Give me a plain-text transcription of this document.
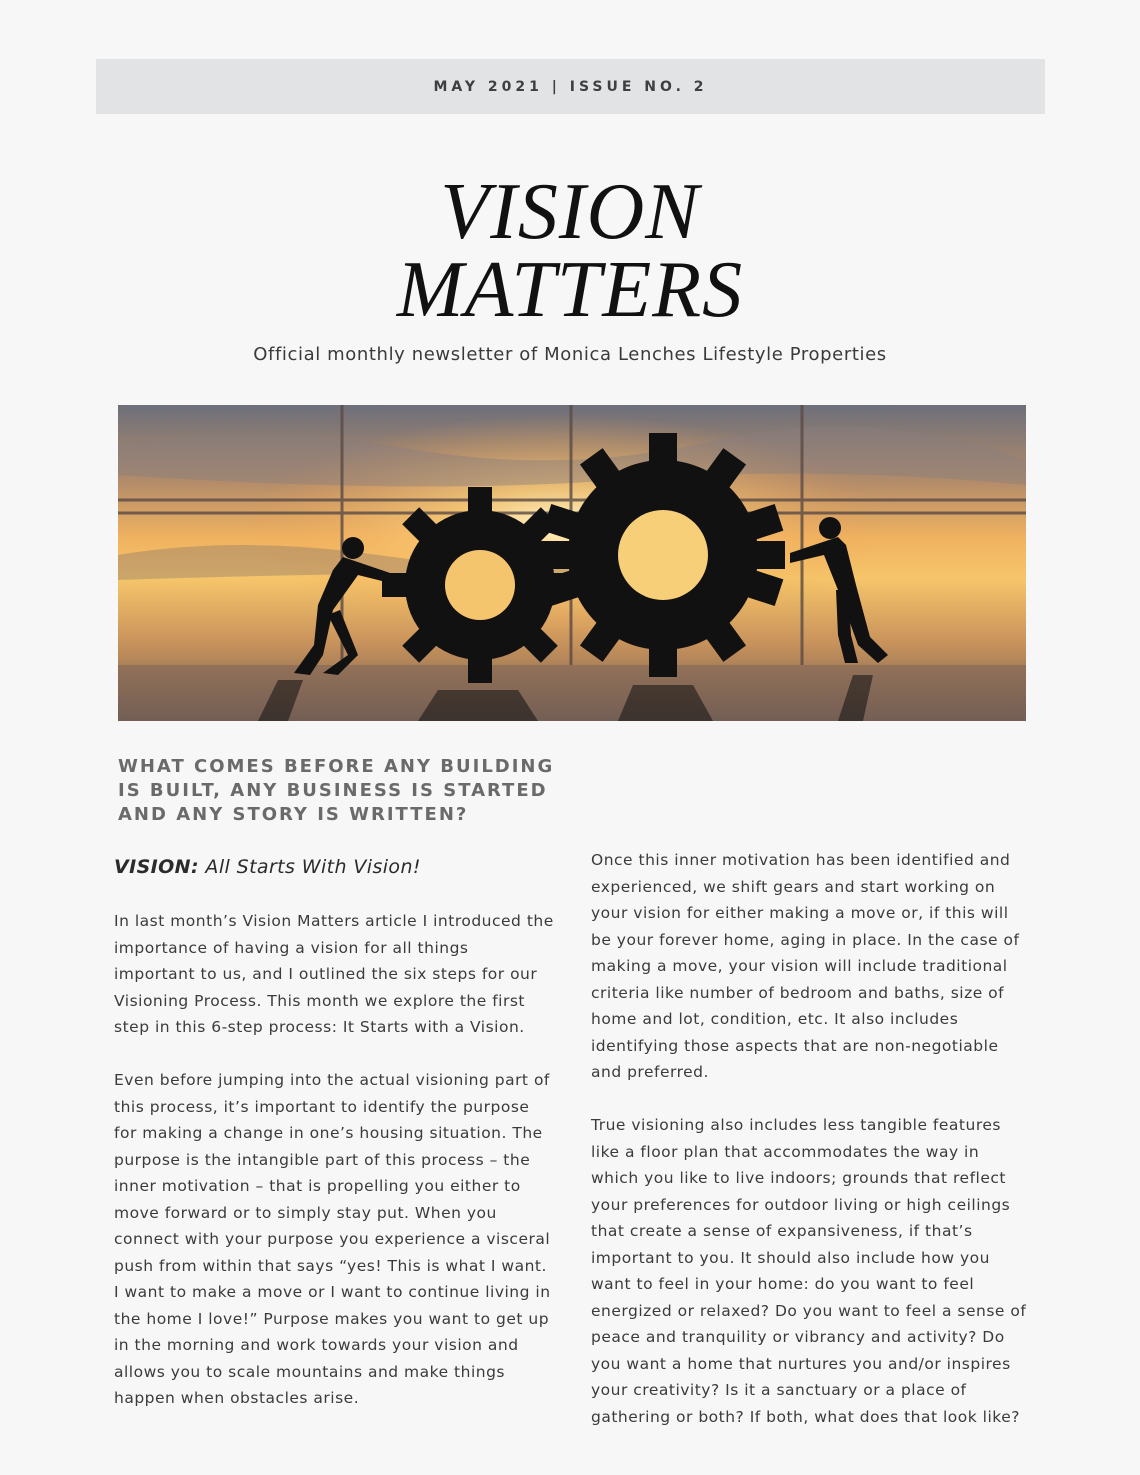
MAY 2021 | ISSUE NO. 2
VISION
MATTERS
Official monthly newsletter of Monica Lenches Lifestyle Properties
WHAT COMES BEFORE ANY BUILDING IS BUILT, ANY BUSINESS IS STARTED AND ANY STORY IS WRITTEN?
VISION: All Starts With Vision!

In last month’s Vision Matters article I introduced the importance of having a vision for all things important to us, and I outlined the six steps for our Visioning Process. This month we explore the first step in this 6-step process: It Starts with a Vision.

Even before jumping into the actual visioning part of this process, it’s important to identify the purpose for making a change in one’s housing situation. The purpose is the intangible part of this process – the inner motivation – that is propelling you either to move forward or to simply stay put. When you connect with your purpose you experience a visceral push from within that says “yes! This is what I want. I want to make a move or I want to continue living in the home I love!” Purpose makes you want to get up in the morning and work towards your vision and allows you to scale mountains and make things happen when obstacles arise.

Once this inner motivation has been identified and experienced, we shift gears and start working on your vision for either making a move or, if this will be your forever home, aging in place. In the case of making a move, your vision will include traditional criteria like number of bedroom and baths, size of home and lot, condition, etc. It also includes identifying those aspects that are non-negotiable and preferred.

True visioning also includes less tangible features like a floor plan that accommodates the way in which you like to live indoors; grounds that reflect your preferences for outdoor living or high ceilings that create a sense of expansiveness, if that’s important to you. It should also include how you want to feel in your home: do you want to feel energized or relaxed? Do you want to feel a sense of peace and tranquility or vibrancy and activity? Do you want a home that nurtures you and/or inspires your creativity? Is it a sanctuary or a place of gathering or both? If both, what does that look like?
